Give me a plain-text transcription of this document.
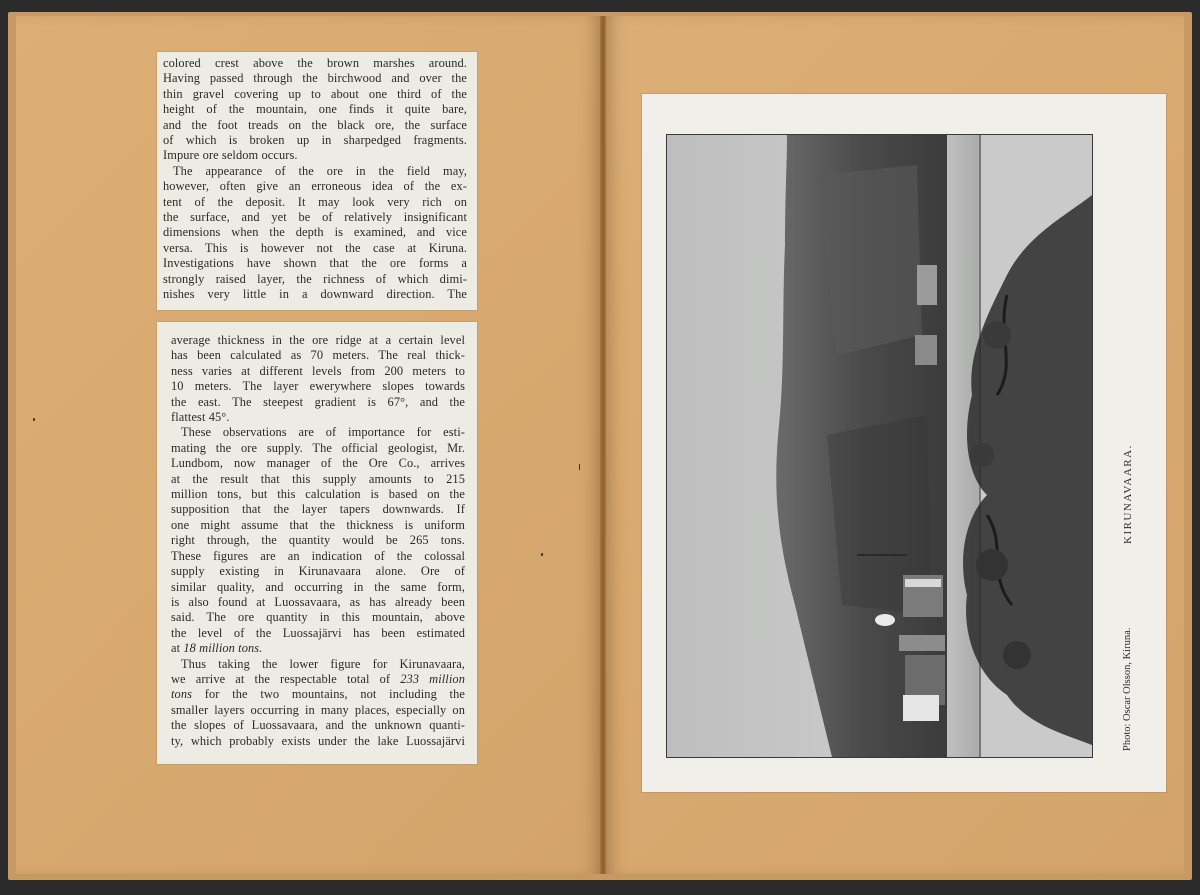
colored crest above the brown marshes around.

Having passed through the birchwood and over the

thin gravel covering up to about one third of the

height of the mountain, one finds it quite bare,

and the foot treads on the black ore, the surface

of which is broken up in sharpedged fragments.

Impure ore seldom occurs.

The appearance of the ore in the field may,

however, often give an erroneous idea of the ex-

tent of the deposit. It may look very rich on

the surface, and yet be of relatively insignificant

dimensions when the depth is examined, and vice

versa. This is however not the case at Kiruna.

Investigations have shown that the ore forms a

strongly raised layer, the richness of which dimi-

nishes very little in a downward direction. The

average thickness in the ore ridge at a certain level

has been calculated as 70 meters. The real thick-

ness varies at different levels from 200 meters to

10 meters. The layer ewerywhere slopes towards

the east. The steepest gradient is 67°, and the

flattest 45°.

These observations are of importance for esti-

mating the ore supply. The official geologist, Mr.

Lundbom, now manager of the Ore Co., arrives

at the result that this supply amounts to 215

million tons, but this calculation is based on the

supposition that the layer tapers downwards. If

one might assume that the thickness is uniform

right through, the quantity would be 265 tons.

These figures are an indication of the colossal

supply existing in Kirunavaara alone. Ore of

similar quality, and occurring in the same form,

is also found at Luossavaara, as has already been

said. The ore quantity in this mountain, above

the level of the Luossajärvi has been estimated

at 18 million tons.

Thus taking the lower figure for Kirunavaara,

we arrive at the respectable total of 233 million

tons for the two mountains, not including the

smaller layers occurring in many places, especially on

the slopes of Luossavaara, and the unknown quanti-

ty, which probably exists under the lake Luossajärvi

KIRUNAVAARA.
Photo: Oscar Olsson, Kiruna.
